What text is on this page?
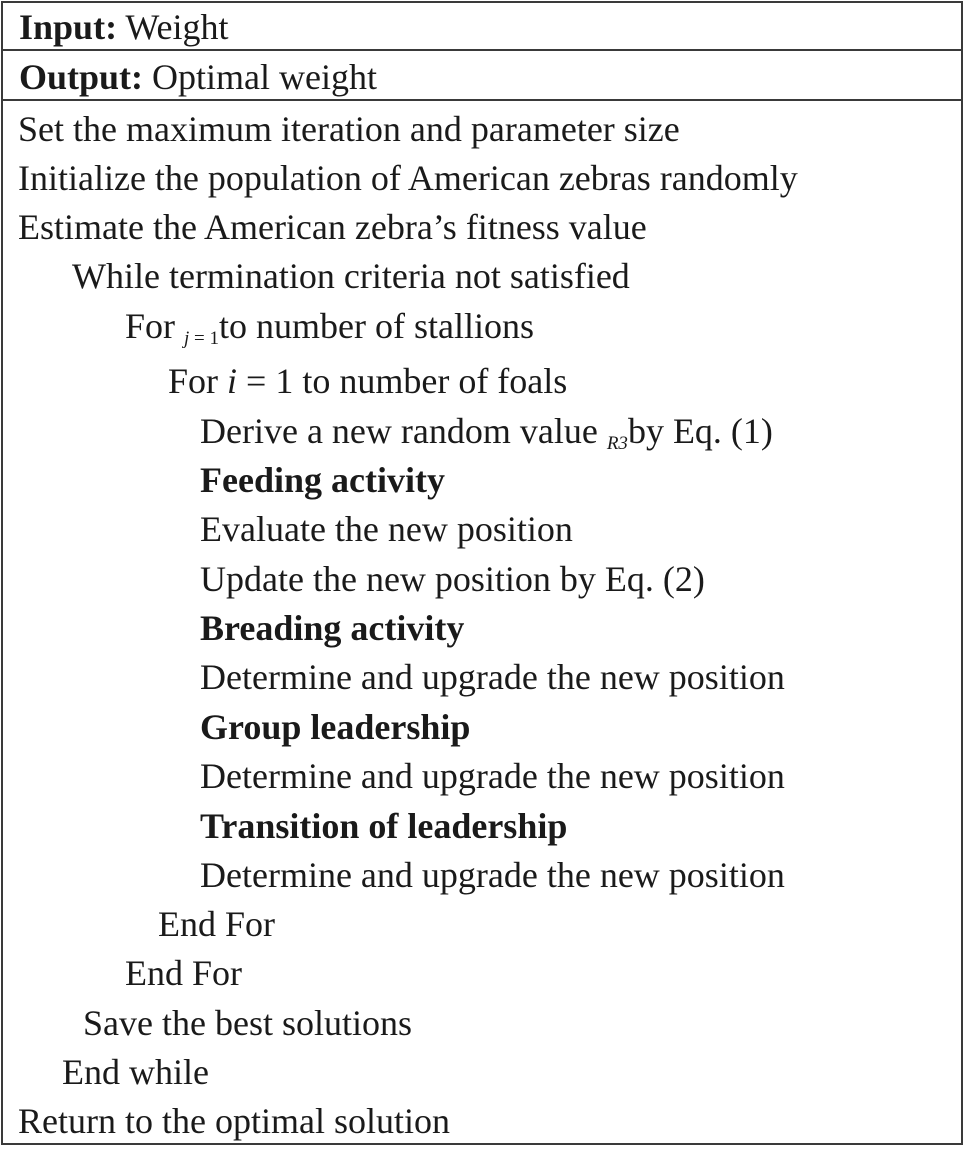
Input: Weight
Output: Optimal weight
Set the maximum iteration and parameter size
Initialize the population of American zebras randomly
Estimate the American zebra’s fitness value
While termination criteria not satisfied
For j = 1to number of stallions
For i = 1 to number of foals
Derive a new random value R3by Eq. (1)
Feeding activity
Evaluate the new position
Update the new position by Eq. (2)
Breading activity
Determine and upgrade the new position
Group leadership
Determine and upgrade the new position
Transition of leadership
Determine and upgrade the new position
End For
End For
Save the best solutions
End while
Return to the optimal solution
